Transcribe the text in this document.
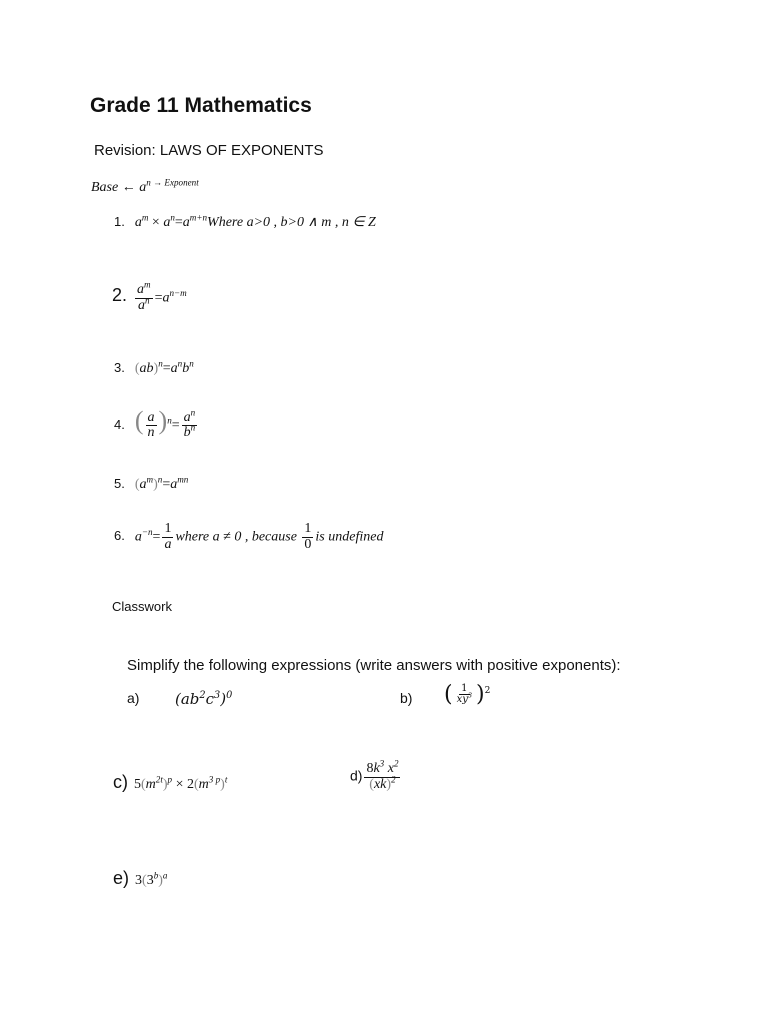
Grade 11 Mathematics
Revision: LAWS OF EXPONENTS
Base ← $a^{n \to Exponent}$
1. $a^m$ × $a^n=a^{m+n}Where$ a>0 , b>0 ∧ m , n ∈ Z
2. $\frac{a^m}{a^n} =a^{n-m}$
3. $(ab)^n=a^nb^n$
4. ( $\frac{a}{n} )^n= \frac{a^n}{b^n}$
5. $(a^m)^n=a^{mn}$
6. $a^{-n}= \frac{1}{a}$ where a ≠ 0 , because $\frac{1}{0}$ is undefined
Classwork
Simplify the following expressions (write answers with positive exponents):
a) $(ab^2c^3)^0$	b) ( $\frac{1}{xy^3} )^2$
c) $5(m^{2t})^p \times 2(m^{3 p})^t$	$d) \frac{8k^3 x^2}{(xk)^2}$
e) $3(3^b)^a$
